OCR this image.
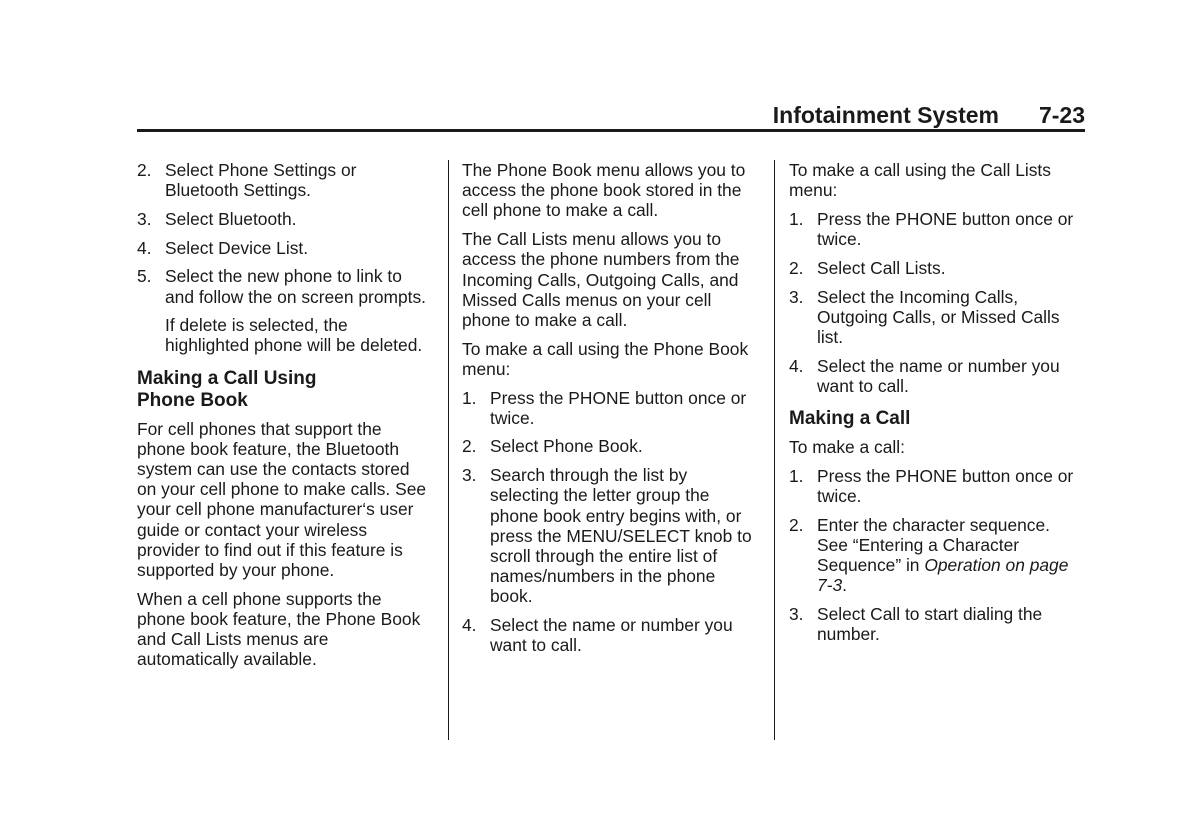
Infotainment System 7-23
2. Select Phone Settings or Bluetooth Settings.
3. Select Bluetooth.
4. Select Device List.
5. Select the new phone to link to and follow the on screen prompts.
If delete is selected, the highlighted phone will be deleted.
Making a Call Using
Phone Book
For cell phones that support the phone book feature, the Bluetooth system can use the contacts stored on your cell phone to make calls. See your cell phone manufacturer‘s user guide or contact your wireless provider to find out if this feature is supported by your phone.
When a cell phone supports the phone book feature, the Phone Book and Call Lists menus are automatically available.
The Phone Book menu allows you to access the phone book stored in the cell phone to make a call.
The Call Lists menu allows you to access the phone numbers from the Incoming Calls, Outgoing Calls, and Missed Calls menus on your cell phone to make a call.
To make a call using the Phone Book menu:
1. Press the PHONE button once or twice.
2. Select Phone Book.
3. Search through the list by selecting the letter group the phone book entry begins with, or press the MENU/SELECT knob to scroll through the entire list of names/numbers in the phone book.
4. Select the name or number you want to call.
To make a call using the Call Lists menu:
1. Press the PHONE button once or twice.
2. Select Call Lists.
3. Select the Incoming Calls, Outgoing Calls, or Missed Calls list.
4. Select the name or number you want to call.
Making a Call
To make a call:
1. Press the PHONE button once or twice.
2. Enter the character sequence. See “Entering a Character Sequence” in Operation on page 7-3.
3. Select Call to start dialing the number.
